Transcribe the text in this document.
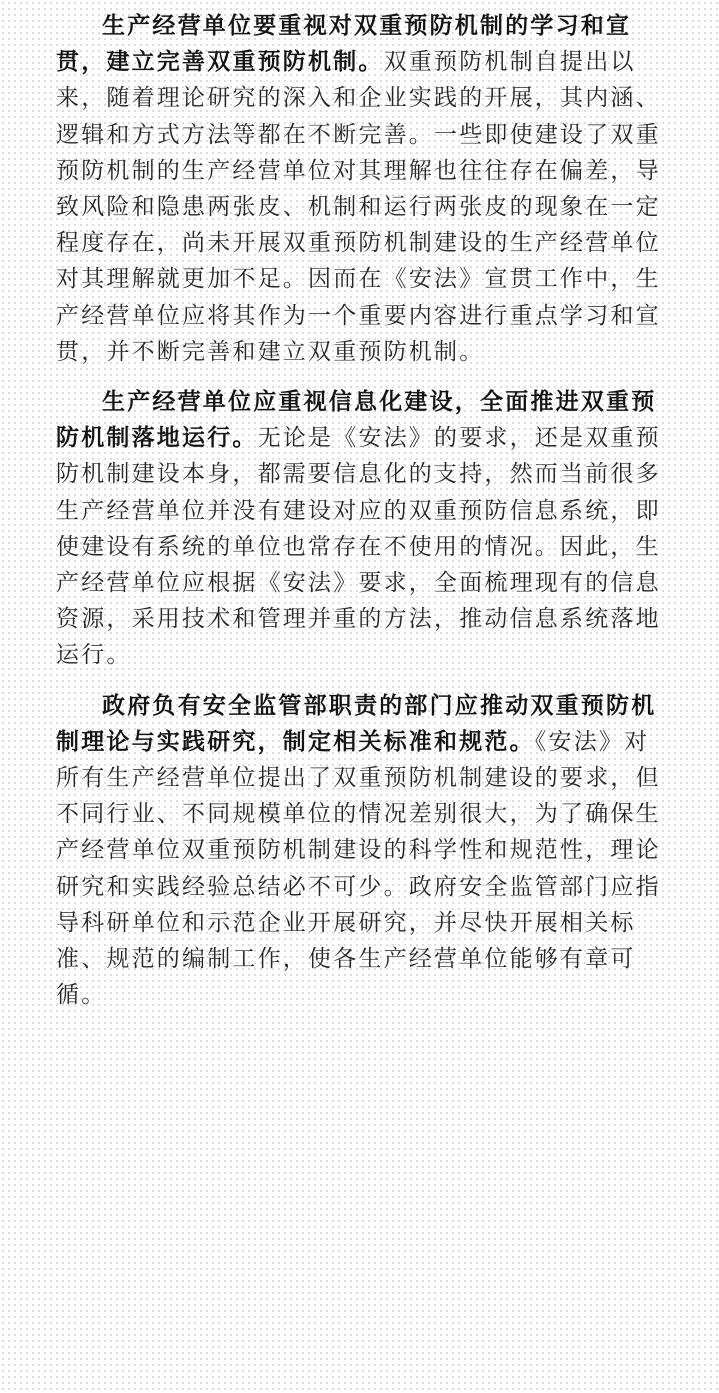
生产经营单位要重视对双重预防机制的学习和宣贯，建立完善双重预防机制。双重预防机制自提出以来，随着理论研究的深入和企业实践的开展，其内涵、逻辑和方式方法等都在不断完善。一些即使建设了双重预防机制的生产经营单位对其理解也往往存在偏差，导致风险和隐患两张皮、机制和运行两张皮的现象在一定程度存在，尚未开展双重预防机制建设的生产经营单位对其理解就更加不足。因而在《安法》宣贯工作中，生产经营单位应将其作为一个重要内容进行重点学习和宣贯，并不断完善和建立双重预防机制。

生产经营单位应重视信息化建设，全面推进双重预防机制落地运行。无论是《安法》的要求，还是双重预防机制建设本身，都需要信息化的支持，然而当前很多生产经营单位并没有建设对应的双重预防信息系统，即使建设有系统的单位也常存在不使用的情况。因此，生产经营单位应根据《安法》要求，全面梳理现有的信息资源，采用技术和管理并重的方法，推动信息系统落地运行。

政府负有安全监管部职责的部门应推动双重预防机制理论与实践研究，制定相关标准和规范。《安法》对所有生产经营单位提出了双重预防机制建设的要求，但不同行业、不同规模单位的情况差别很大，为了确保生产经营单位双重预防机制建设的科学性和规范性，理论研究和实践经验总结必不可少。政府安全监管部门应指导科研单位和示范企业开展研究，并尽快开展相关标准、规范的编制工作，使各生产经营单位能够有章可循。
